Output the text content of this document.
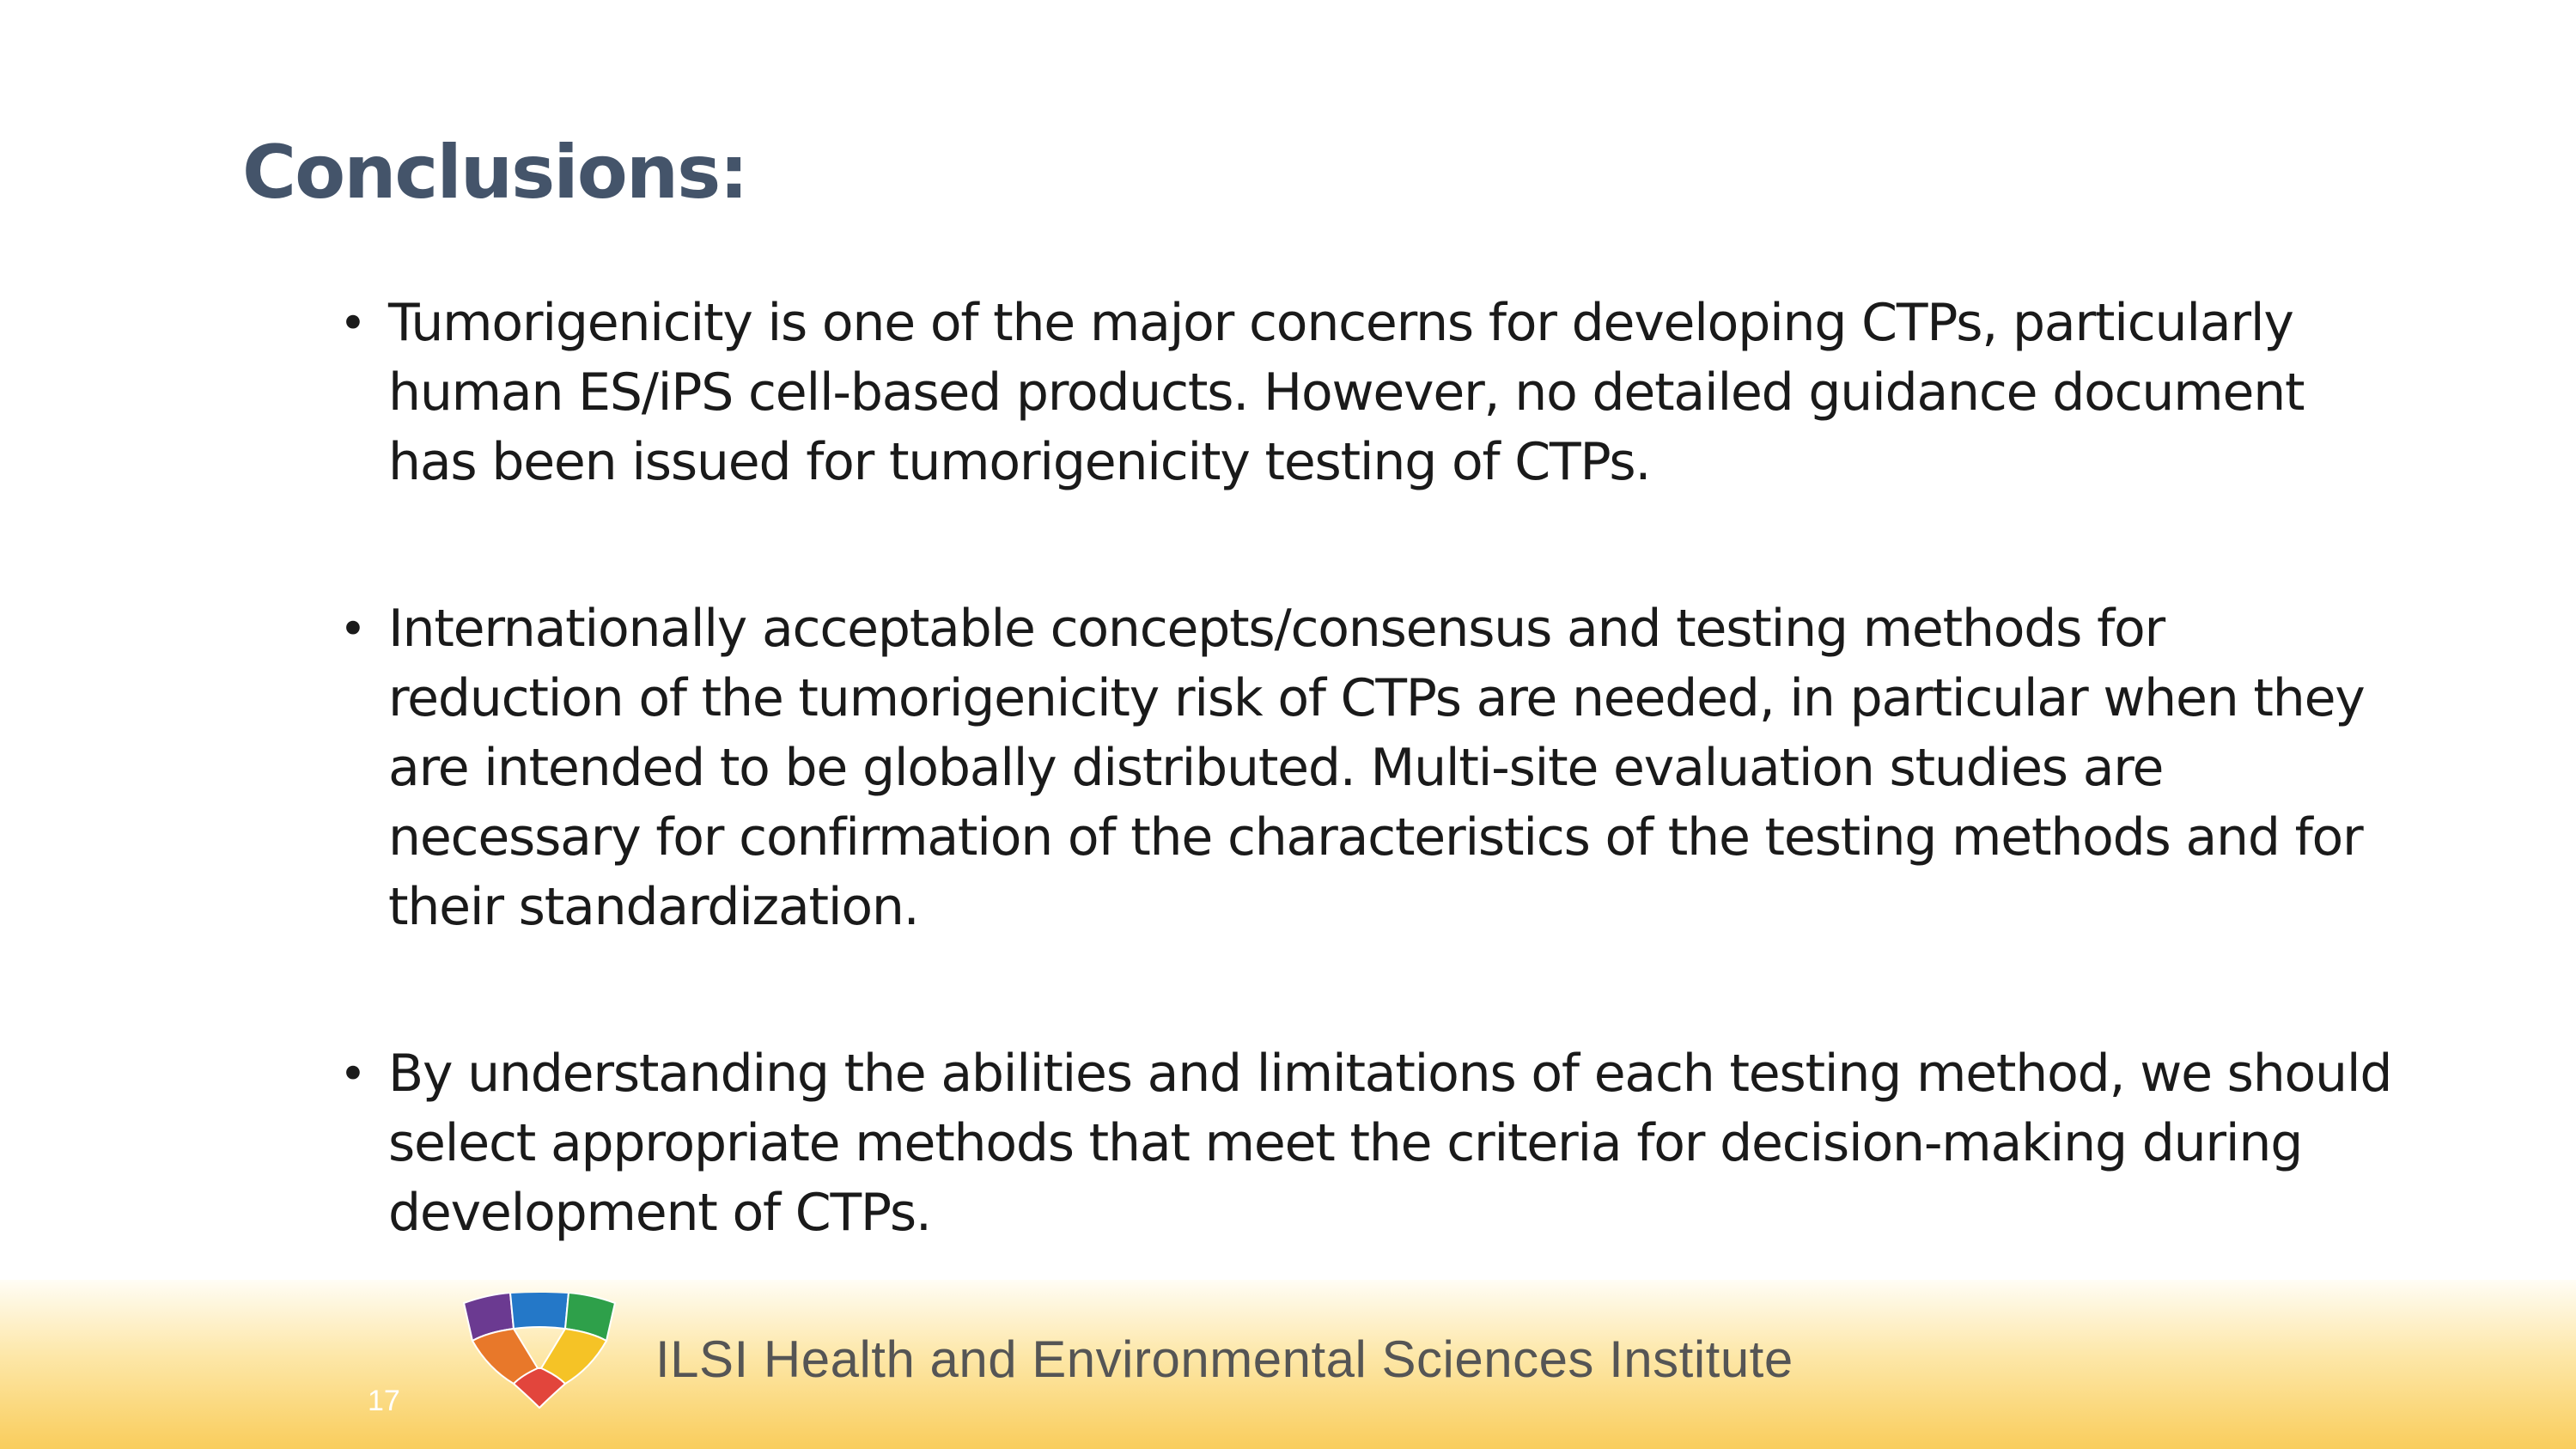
Conclusions:
• Tumorigenicity is one of the major concerns for developing CTPs, particularly
human ES/iPS cell-based products. However, no detailed guidance document
has been issued for tumorigenicity testing of CTPs.
• Internationally acceptable concepts/consensus and testing methods for
reduction of the tumorigenicity risk of CTPs are needed, in particular when they
are intended to be globally distributed. Multi-site evaluation studies are
necessary for confirmation of the characteristics of the testing methods and for
their standardization.
• By understanding the abilities and limitations of each testing method, we should
select appropriate methods that meet the criteria for decision-making during
development of CTPs.
17
ILSI Health and Environmental Sciences Institute
